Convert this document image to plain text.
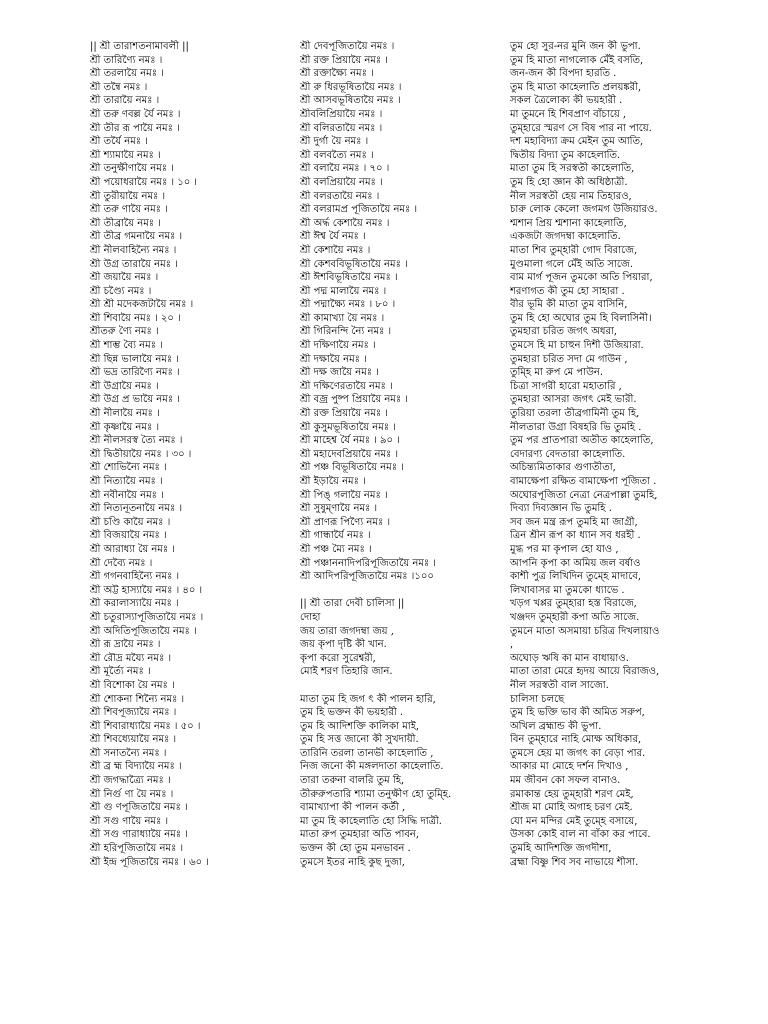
|| শ্রী তারাশতনামাবলী ||
শ্রী তারিণ্যৈ নমঃ ।
শ্রী তরলায়ৈ নমঃ ।
শ্রী তন্বৈ নমঃ ।
শ্রী তারায়ৈ নমঃ ।
শ্রী তরু ণবল্ল র্যৈ নমঃ ।
শ্রী তীর রূ পায়ৈ নমঃ ।
শ্রী তর্যৈ নমঃ ।
শ্রী শ্যামায়ৈ নমঃ ।
শ্রী তনুক্ষীণায়ৈ নমঃ ।
শ্রী পয়োধরায়ৈ নমঃ । ১০ ।
শ্রী তুরীয়ায়ৈ নমঃ ।
শ্রী তরু ণায়ৈ নমঃ ।
শ্রী তীব্রায়ৈ নমঃ ।
শ্রী তীব্র গমনায়ৈ নমঃ ।
শ্রী নীলবাহিন্যৈ নমঃ ।
শ্রী উগ্র তারায়ৈ নমঃ ।
শ্রী জয়ায়ৈ নমঃ ।
শ্রী চণ্ড্যৈ নমঃ ।
শ্রী শ্রী মদেকজটায়ৈ নমঃ ।
শ্রী শিবায়ৈ নমঃ । ২০ ।
শ্রীতরু ণ্যৈ নমঃ ।
শ্রী শাম্ভ ব্যৈ নমঃ ।
শ্রী ছিন্ন ভালায়ৈ নমঃ ।
শ্রী ভদ্র তারিণ্যৈ নমঃ ।
শ্রী উগ্রায়ৈ নমঃ ।
শ্রী উগ্র প্র ভায়ৈ নমঃ ।
শ্রী নীলায়ৈ নমঃ ।
শ্রী কৃষ্ণায়ৈ নমঃ ।
শ্রী নীলসরস্ব ত্যৈ নমঃ ।
শ্রী দ্বিতীয়ায়ৈ নমঃ । ৩০ ।
শ্রী শোভিন্যৈ নমঃ ।
শ্রী নিত্যায়ৈ নমঃ ।
শ্রী নবীনায়ৈ নমঃ ।
শ্রী নিত্যনূতনায়ৈ নমঃ ।
শ্রী চণ্ডি কায়ৈ নমঃ ।
শ্রী বিজয়ায়ৈ নমঃ ।
শ্রী আরাধ্যা য়ৈ নমঃ ।
শ্রী দেব্যৈ নমঃ ।
শ্রী গগনবাহিন্যৈ নমঃ ।
শ্রী অট্ট হাস্যায়ৈ নমঃ । ৪০ ।
শ্রী করালাস্যায়ৈ নমঃ ।
শ্রী চতুরাস্যাপূজিতায়ৈ নমঃ ।
শ্রী অদিতিপূজিতায়ৈ নমঃ ।
শ্রী রূ দ্রায়ৈ নমঃ ।
শ্রী রৌদ্র ময্যৈ নমঃ ।
শ্রী মূর্ত্যৈ নমঃ ।
শ্রী বিশোকা য়ৈ নমঃ ।
শ্রী শোকনা শিন্যৈ নমঃ ।
শ্রী শিবপূজ্যায়ৈ নমঃ ।
শ্রী শিবারাধ্যায়ৈ নমঃ । ৫০ ।
শ্রী শিবধ্যেয়ায়ৈ নমঃ ।
শ্রী সনাতন্যৈ নমঃ ।
শ্রী ব্র হ্ম বিদ্যায়ৈ নমঃ ।
শ্রী জগদ্ধাত্র্যৈ নমঃ ।
শ্রী নির্গু ণা য়ৈ নমঃ ।
শ্রী গু ণপূজিতায়ৈ নমঃ ।
শ্রী সগু ণায়ৈ নমঃ ।
শ্রী সগু ণারাধ্যায়ৈ নমঃ ।
শ্রী হরিপূজিতায়ৈ নমঃ ।
শ্রী ইন্দ্র পূজিতায়ৈ নমঃ । ৬০ ।
শ্রী দেবপূজিতায়ৈ নমঃ ।
শ্রী রক্ত প্রিয়ায়ৈ নমঃ ।
শ্রী রক্তাক্ষ্যৈ নমঃ ।
শ্রী রু ধিরভূষিতায়ৈ নমঃ ।
শ্রী আসবভূষিতায়ৈ নমঃ ।
শ্রীবলিপ্রিয়ায়ৈ নমঃ ।
শ্রী বলিরতায়ৈ নমঃ ।
শ্রী দুর্গা য়ৈ নমঃ ।
শ্রী বলবত্যৈ নমঃ ।
শ্রী বলায়ৈ নমঃ । ৭০ ।
শ্রী বলপ্রিয়ায়ৈ নমঃ ।
শ্রী বলরতায়ৈ নমঃ ।
শ্রী বলরামপ্র পূজিতায়ৈ নমঃ ।
শ্রী অর্দ্ধ কেশায়ৈ নমঃ ।
শ্রী ঈশ্ব র্যৈ নমঃ ।
শ্রী কেশায়ৈ নমঃ ।
শ্রী কেশববিভূষিতায়ৈ নমঃ ।
শ্রী ঈশবিভূষিতায়ৈ নমঃ ।
শ্রী পদ্ম মালায়ৈ নমঃ ।
শ্রী পদ্মাক্ষ্যৈ নমঃ । ৮০ ।
শ্রী কামাখ্যা য়ৈ নমঃ ।
শ্রী গিরিনন্দি ন্যৈ নমঃ ।
শ্রী দক্ষিণায়ৈ নমঃ ।
শ্রী দক্ষায়ৈ নমঃ ।
শ্রী দক্ষ জায়ৈ নমঃ ।
শ্রী দক্ষিণেরতায়ৈ নমঃ ।
শ্রী বজ্র পুষ্প প্রিয়ায়ৈ নমঃ ।
শ্রী রক্ত প্রিয়ায়ৈ নমঃ ।
শ্রী কুসুমভূষিতায়ৈ নমঃ ।
শ্রী মাহেশ্ব র্যৈ নমঃ । ৯০ ।
শ্রী মহাদেবপ্রিয়ায়ৈ নমঃ ।
শ্রী পঞ্চ বিভূষিতায়ৈ নমঃ ।
শ্রী ইড়ায়ৈ নমঃ ।
শ্রী পিঙ্ গলায়ৈ নমঃ ।
শ্রী সুষুম্ণায়ৈ নমঃ ।
শ্রী প্রাণরূ পিণ্যৈ নমঃ ।
শ্রী গান্ধার্যৈ নমঃ ।
শ্রী পঞ্চ ম্যৈ নমঃ ।
শ্রী পঞ্চাননাদিপরিপূজিতায়ৈ নমঃ ।
শ্রী আদিপরিপূজিতায়ৈ নমঃ ।১০০
|| শ্রী তারা দেবী চালিসা ||
দোহা
জয় তারা জগদম্বা জয় ,
জয় কৃপা দৃষ্টি কী খান.
কৃপা করো সুরেশ্বরী,
মোই শরণ তিহারি জান.
মাতা তুম হি জগ ৎ কী পালন হারি,
তুম হি ভক্তন কী ভয়হারী .
তুম হি আদিশক্তি কালিকা মাই,
তুম হি সত্ত জানো কী সুখদায়ী.
তারিনি তরলা তানভী কাহেলাতি ,
নিজ জনো কী মঙ্গলদাতা কাহেলাতি.
তারা তরুনা বালরি তুম হি,
তীরুরুপতারি শ্যামা তনুক্ষীণ হো তুম্হি.
বামাখ্যাপা কী পালন কর্তী ,
মা তুম হি কাহেলাতি হো সিদ্ধি দাত্রী.
মাতা রুপ তুমহারা অতি পাবন,
ভক্তন কী হো তুম মনভাবন .
তুমসে ইতর নাহি কুছ দুজা,
তুম হো সুর-নর মুনি জন কী ভুপা.
তুম হি মাতা নাগলোক মেঁই বসতি,
জন-জন কী বিপদা হারতি .
তুম হি মাতা কাহেলাতি প্রলয়ঙ্করী,
সকল ত্রৈলোক্য কী ভয়হারী .
মা তুমনে হি শিবপ্রাণ বাঁচায়ে ,
তুম্হারে স্মরণ সে বিষ পার না পায়ে.
দশ মহাবিদ্যা ক্রম মেইন তুম আতি,
দ্বিতীয় বিদ্যা তুম কাহেলাতি.
মাতা তুম হি সরস্বতী কাহেলাতি,
তুম হি হো জ্ঞান কী অধিষ্ঠাত্রী.
নীল সরস্বতী হেয় নাম তিহারও,
চারু লোক কেলো জগমগ উজিয়ারও.
শ্মশান প্রিয় শ্মশানা কাহেলাতি,
একজটা জগদম্বা কাহেলাতি.
মাতা শিব তুম্হারী গোদ বিরাজে,
মুণ্ডমালা গলে মেঁই অতি সাজে.
বাম মার্গ পূজন তুমকো অতি পিয়ারা,
শরণাগত কী তুম হো সাহারা .
বীর ভূমি কী মাতা তুম বাসিনি,
তুম হি হো অঘোর তুম হি বিলাসিনী।
তুমহারা চরিত জগৎ অধরা,
তুমসে হি মা চাহুন দিশী উজিয়ারা.
তুমহারা চরিত সদা মে গাউন ,
তুম্হি মা রুপ মে পাউন.
চিত্রা সাগরী হারো মহাতারি ,
তুমহারা আসরা জগৎ মেই ভারী.
তুরিয়া তরলা তীব্রগামিনী তুম হি,
নীলতারা উগ্রা বিষহরি ভি তুমহি .
তুম পর প্রাতপারা অতীত কাহেলাতি,
বেদারণ্য বেদতারা কাহেলাতি.
অচিন্ত্যমিতাকার গুণাতীতা,
বামাক্ষেপা রক্ষিত বামাক্ষেপা পূজিতা .
অঘোরপূজিতা নেত্রা নেত্রপাল্লা তুমহি,
দিব্যা দিব্যজ্ঞান ভি তুমহি .
সব জন মন্ত্র রূপ তুমহি মা জাগ্রী,
ত্রিন শ্রীন রূপ কা ধ্যান সব ধরহী .
মুগ্ধ পর মা কৃপাল হো যাও ,
আপনি কৃপা কা অমিয় জল বর্ষাও
কাশী পুত্র লিখিদিন তুম্হে মাদাবে,
লিখাবাসর মা তুমকো ধ্যাভে .
খড়গ খপ্পর তুম্হারা হস্ত বিরাজে,
খঞ্জদদ তুম্হারী কপা অতি সাজে.
তুমনে মাতা অসমায়া চরিত্র দিখলায়াও
,
অঘোড় ঋষি কা মান বাধায়াও.
মাতা তারা মেরে হৃদয় আয়ে বিরাজও,
নীল সরস্বতী বাল সাজো.
চালিসা চলছে
তুম হি ভক্তি ভাব কী অমিত সরুপ,
অখিল ব্রহ্মান্ড কী ভুপা.
বিন তুম্হারে নাহি মোক্ষ অধিকার,
তুমসে হেয় মা জগৎ কা বেড়া পার.
আকার মা মোহে দর্শন দিখাও ,
মম জীবন কো সফল বানাও.
রমাকান্ত হেয় তুম্হারী শরণ মেই,
শ্রীজ মা মোহি অগাহ চরণ মেই.
যো মন মন্দির মেই তুম্হে বসায়ে,
উসকা কোই বাল না বাঁকা কর পাবে.
তুমহি আদিশক্তি জগদীশা,
ব্রহ্মা বিষ্ণু শিব সব নাভায়ে শীসা.
